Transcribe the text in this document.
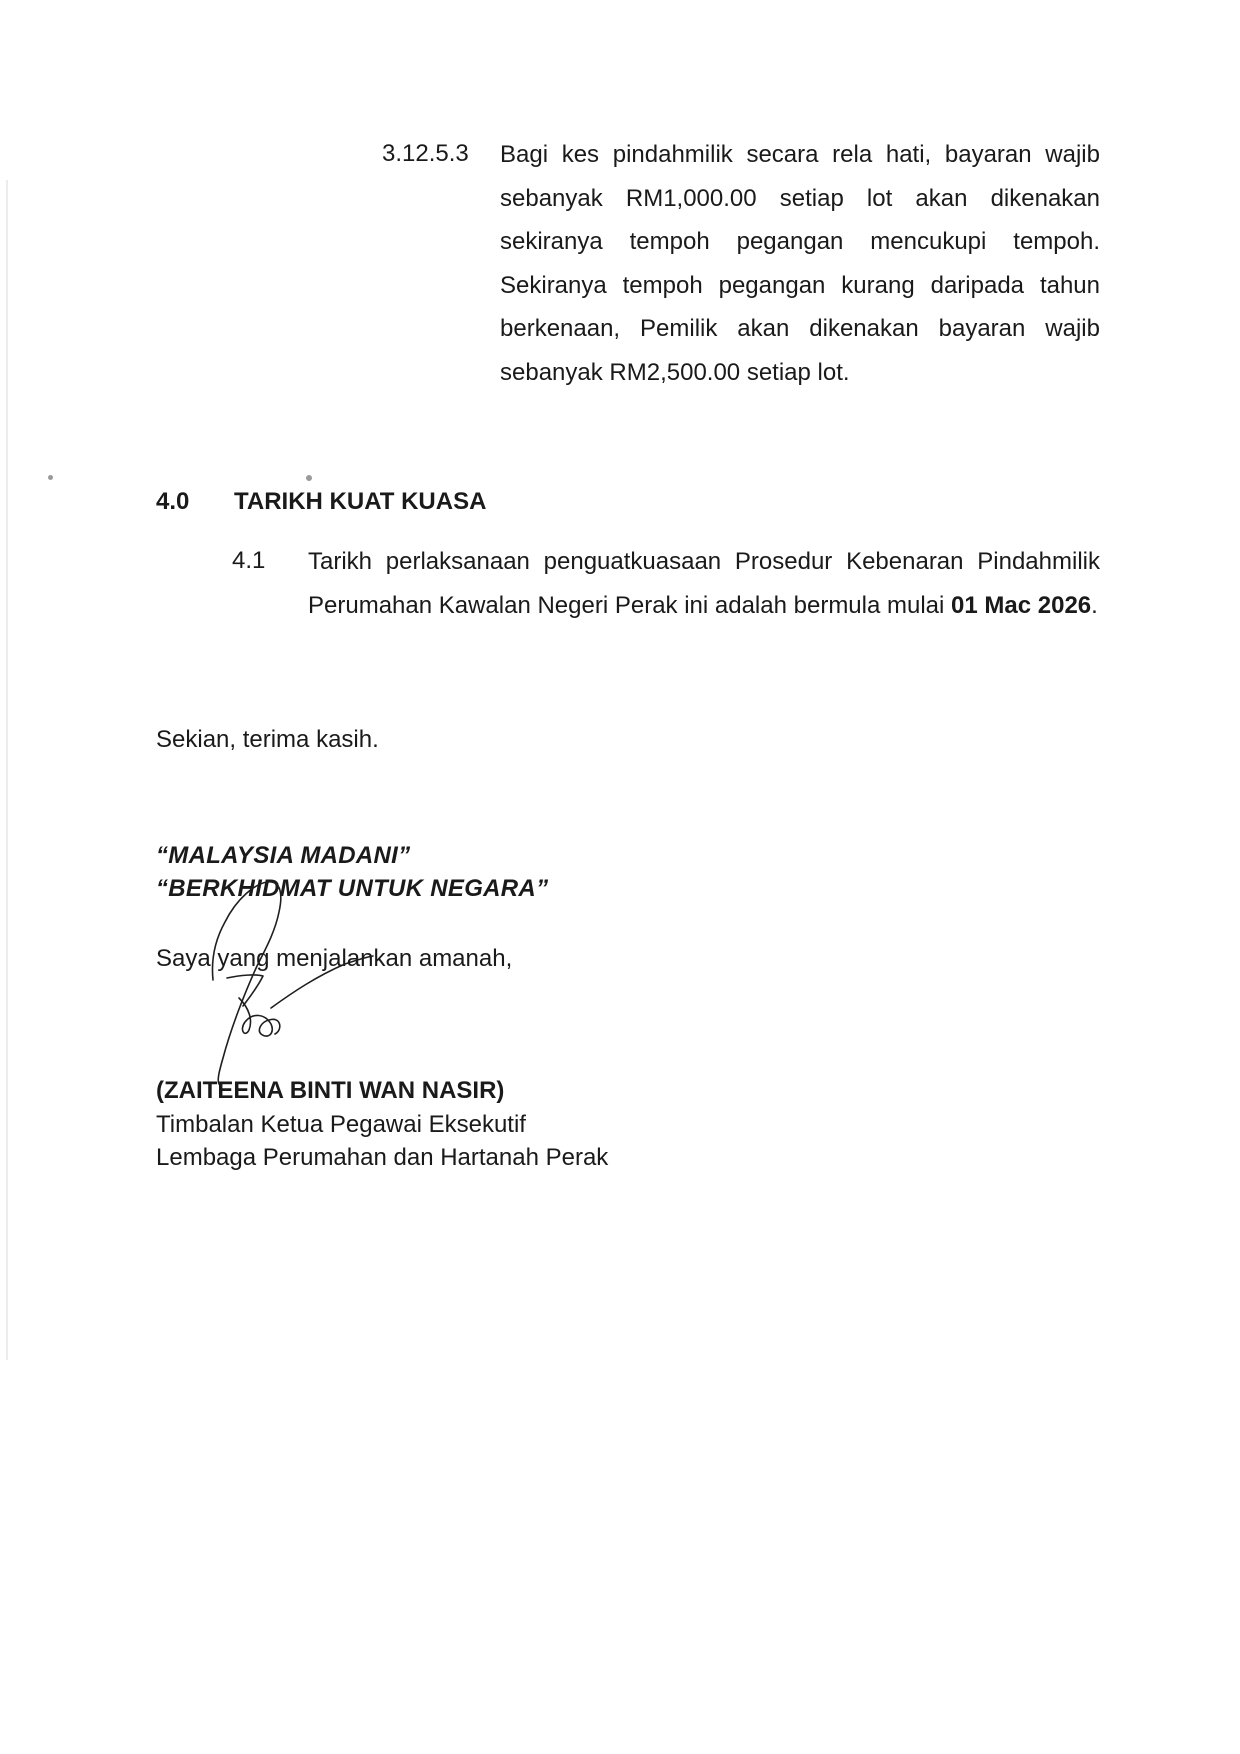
3.12.5.3 Bagi kes pindahmilik secara rela hati, bayaran wajib sebanyak RM1,000.00 setiap lot akan dikenakan sekiranya tempoh pegangan mencukupi tempoh. Sekiranya tempoh pegangan kurang daripada tahun berkenaan, Pemilik akan dikenakan bayaran wajib sebanyak RM2,500.00 setiap lot.

4.0 TARIKH KUAT KUASA
4.1 Tarikh perlaksanaan penguatkuasaan Prosedur Kebenaran Pindahmilik Perumahan Kawalan Negeri Perak ini adalah bermula mulai 01 Mac 2026.

Sekian, terima kasih.
“MALAYSIA MADANI”
“BERKHIDMAT UNTUK NEGARA”
Saya yang menjalankan amanah,
(ZAITEENA BINTI WAN NASIR)
Timbalan Ketua Pegawai Eksekutif
Lembaga Perumahan dan Hartanah Perak
